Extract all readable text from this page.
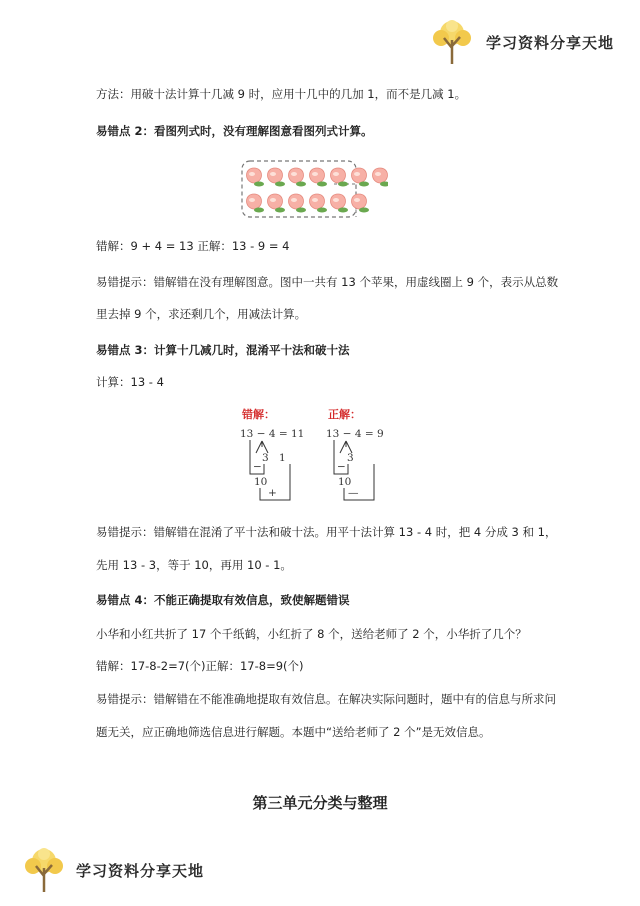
学习资料分享天地
方法：用破十法计算十几减 9 时，应用十几中的几加 1，而不是几减 1。
易错点 2：看图列式时，没有理解图意看图列式计算。
错解：9 + 4 = 13 正解：13 - 9 = 4
易错提示：错解错在没有理解图意。图中一共有 13 个苹果，用虚线圈上 9 个，表示从总数
里去掉 9 个，求还剩几个，用减法计算。
易错点 3：计算十几减几时，混淆平十法和破十法
计算：13 - 4
错解：	正解：
13 − 4 = 11 13 − 4 = 9
3 1
−
10
+
3
−
10
—
易错提示：错解错在混淆了平十法和破十法。用平十法计算 13 - 4 时，把 4 分成 3 和 1，
先用 13 - 3，等于 10，再用 10 - 1。
易错点 4：不能正确提取有效信息，致使解题错误
小华和小红共折了 17 个千纸鹤，小红折了 8 个，送给老师了 2 个，小华折了几个？
错解：17-8-2=7(个)正解：17-8=9(个)
易错提示：错解错在不能准确地提取有效信息。在解决实际问题时，题中有的信息与所求问
题无关，应正确地筛选信息进行解题。本题中“送给老师了 2 个”是无效信息。
第三单元分类与整理
学习资料分享天地
